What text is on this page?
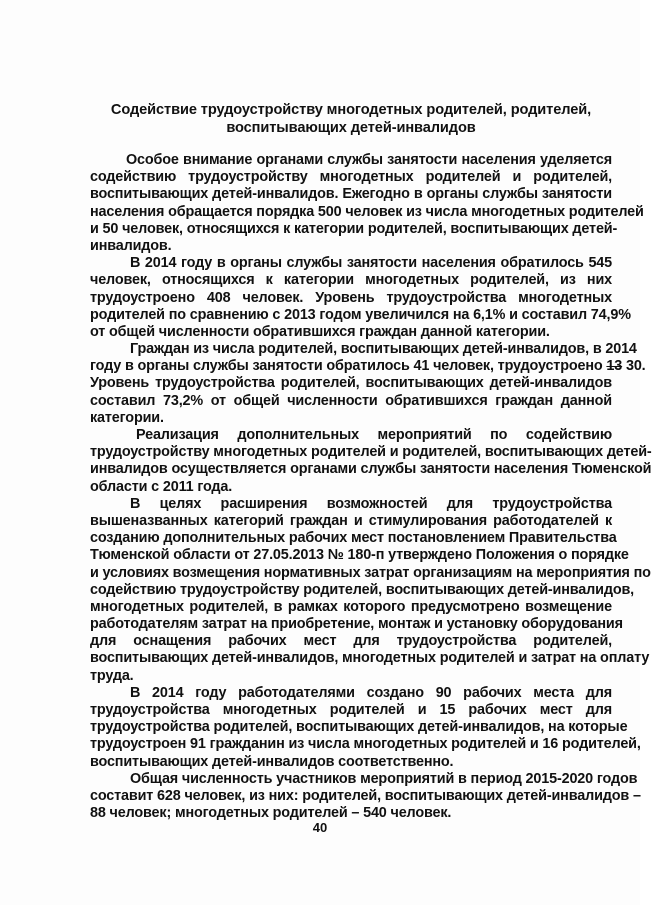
Содействие трудоустройству многодетных родителей, родителей,
воспитывающих детей-инвалидов
Особое внимание органами службы занятости населения уделяется
содействию трудоустройству многодетных родителей и родителей,
воспитывающих детей-инвалидов. Ежегодно в органы службы занятости
населения обращается порядка 500 человек из числа многодетных родителей
и 50 человек, относящихся к категории родителей, воспитывающих детей-
инвалидов.
В 2014 году в органы службы занятости населения обратилось 545
человек, относящихся к категории многодетных родителей, из них
трудоустроено 408 человек. Уровень трудоустройства многодетных
родителей по сравнению с 2013 годом увеличился на 6,1% и составил 74,9%
от общей численности обратившихся граждан данной категории.
Граждан из числа родителей, воспитывающих детей-инвалидов, в 2014
году в органы службы занятости обратилось 41 человек, трудоустроено 13 30.
Уровень трудоустройства родителей, воспитывающих детей-инвалидов
составил 73,2% от общей численности обратившихся граждан данной
категории.
Реализация дополнительных мероприятий по содействию
трудоустройству многодетных родителей и родителей, воспитывающих детей-
инвалидов осуществляется органами службы занятости населения Тюменской
области с 2011 года.
В целях расширения возможностей для трудоустройства
вышеназванных категорий граждан и стимулирования работодателей к
созданию дополнительных рабочих мест постановлением Правительства
Тюменской области от 27.05.2013 № 180-п утверждено Положения о порядке
и условиях возмещения нормативных затрат организациям на мероприятия по
содействию трудоустройству родителей, воспитывающих детей-инвалидов,
многодетных родителей, в рамках которого предусмотрено возмещение
работодателям затрат на приобретение, монтаж и установку оборудования
для оснащения рабочих мест для трудоустройства родителей,
воспитывающих детей-инвалидов, многодетных родителей и затрат на оплату
труда.
В 2014 году работодателями создано 90 рабочих места для
трудоустройства многодетных родителей и 15 рабочих мест для
трудоустройства родителей, воспитывающих детей-инвалидов, на которые
трудоустроен 91 гражданин из числа многодетных родителей и 16 родителей,
воспитывающих детей-инвалидов соответственно.
Общая численность участников мероприятий в период 2015-2020 годов
составит 628 человек, из них: родителей, воспитывающих детей-инвалидов –
88 человек; многодетных родителей – 540 человек.
40
